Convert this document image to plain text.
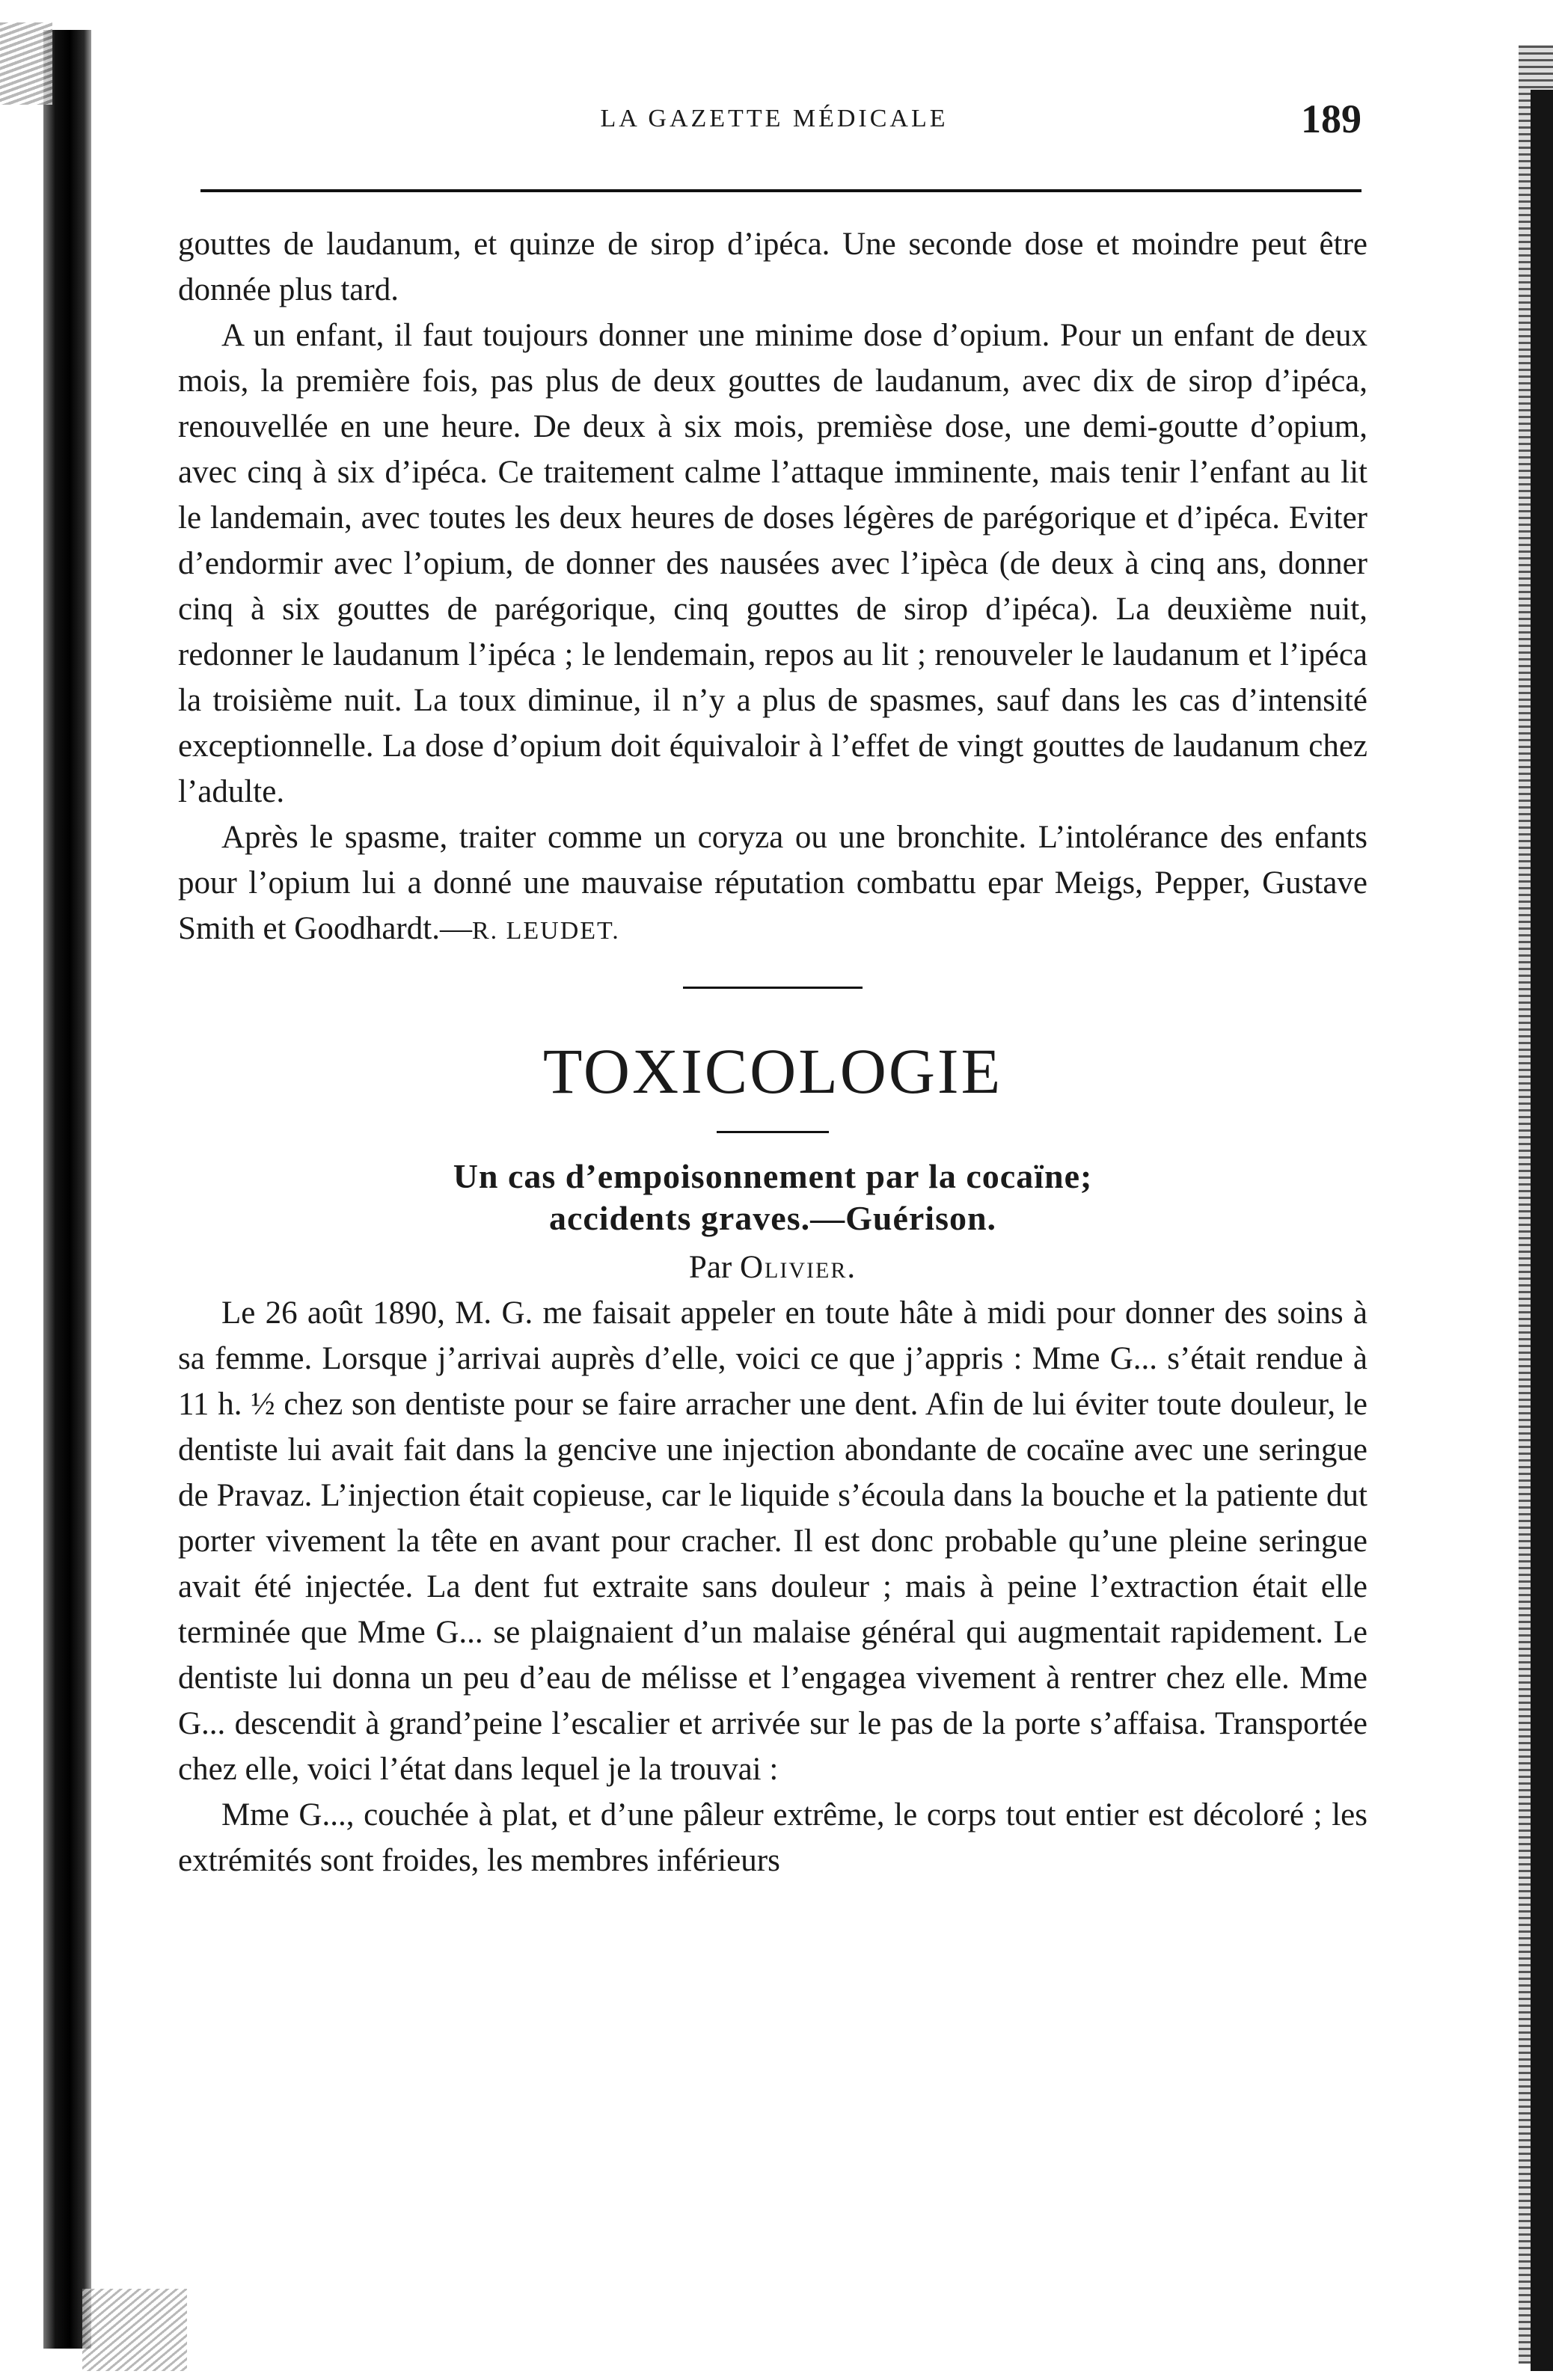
LA GAZETTE MÉDICALE	189

gouttes de laudanum, et quinze de sirop d’ipéca. Une seconde dose et moindre peut être donnée plus tard.

A un enfant, il faut toujours donner une minime dose d’opium. Pour un enfant de deux mois, la première fois, pas plus de deux gouttes de laudanum, avec dix de sirop d’ipéca, renouvellée en une heure. De deux à six mois, premièse dose, une demi-goutte d’opium, avec cinq à six d’ipéca. Ce traitement calme l’attaque imminente, mais tenir l’enfant au lit le landemain, avec toutes les deux heures de doses légères de parégorique et d’ipéca. Eviter d’endormir avec l’opium, de donner des nausées avec l’ipèca (de deux à cinq ans, donner cinq à six gouttes de parégorique, cinq gouttes de sirop d’ipéca). La deuxième nuit, redonner le laudanum l’ipéca ; le lendemain, repos au lit ; renouveler le laudanum et l’ipéca la troisième nuit. La toux diminue, il n’y a plus de spasmes, sauf dans les cas d’intensité exceptionnelle. La dose d’opium doit équivaloir à l’effet de vingt gouttes de laudanum chez l’adulte.

Après le spasme, traiter comme un coryza ou une bronchite. L’intolérance des enfants pour l’opium lui a donné une mauvaise réputation combattu epar Meigs, Pepper, Gustave Smith et Goodhardt.—R. LEUDET.

TOXICOLOGIE
Un cas d’empoisonnement par la cocaïne;
accidents graves.—Guérison.
Par Olivier.

Le 26 août 1890, M. G. me faisait appeler en toute hâte à midi pour donner des soins à sa femme. Lorsque j’arrivai auprès d’elle, voici ce que j’appris : Mme G... s’était rendue à 11 h. ½ chez son dentiste pour se faire arracher une dent. Afin de lui éviter toute douleur, le dentiste lui avait fait dans la gencive une injection abondante de cocaïne avec une seringue de Pravaz. L’injection était copieuse, car le liquide s’écoula dans la bouche et la patiente dut porter vivement la tête en avant pour cracher. Il est donc probable qu’une pleine seringue avait été injectée. La dent fut extraite sans douleur ; mais à peine l’extraction était elle terminée que Mme G... se plaignaient d’un malaise général qui augmentait rapidement. Le dentiste lui donna un peu d’eau de mélisse et l’engagea vivement à rentrer chez elle. Mme G... descendit à grand’peine l’escalier et arrivée sur le pas de la porte s’affaisa. Transportée chez elle, voici l’état dans lequel je la trouvai :

Mme G..., couchée à plat, et d’une pâleur extrême, le corps tout entier est décoloré ; les extrémités sont froides, les membres inférieurs
